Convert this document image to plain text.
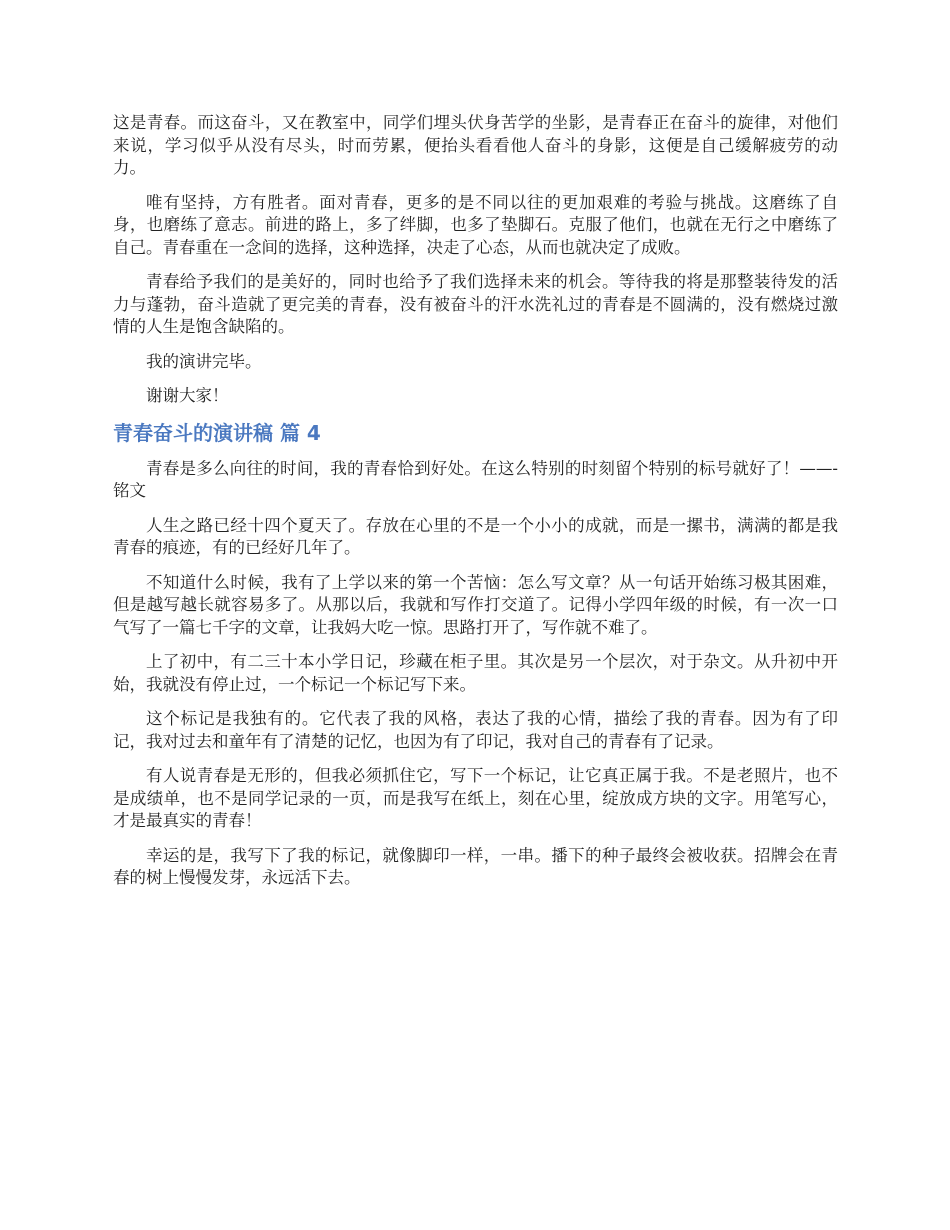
这是青春。而这奋斗，又在教室中，同学们埋头伏身苦学的坐影，是青春正在奋斗的旋律，对他们来说，学习似乎从没有尽头，时而劳累，便抬头看看他人奋斗的身影，这便是自己缓解疲劳的动力。

唯有坚持，方有胜者。面对青春，更多的是不同以往的更加艰难的考验与挑战。这磨练了自身，也磨练了意志。前进的路上，多了绊脚，也多了垫脚石。克服了他们，也就在无行之中磨练了自己。青春重在一念间的选择，这种选择，决走了心态，从而也就决定了成败。

青春给予我们的是美好的，同时也给予了我们选择未来的机会。等待我的将是那整装待发的活力与蓬勃，奋斗造就了更完美的青春，没有被奋斗的汗水洗礼过的青春是不圆满的，没有燃烧过激情的人生是饱含缺陷的。

我的演讲完毕。

谢谢大家！

青春奋斗的演讲稿 篇 4

青春是多么向往的时间，我的青春恰到好处。在这么特别的时刻留个特别的标号就好了！——-铭文

人生之路已经十四个夏天了。存放在心里的不是一个小小的成就，而是一摞书，满满的都是我青春的痕迹，有的已经好几年了。

不知道什么时候，我有了上学以来的第一个苦恼：怎么写文章？从一句话开始练习极其困难，但是越写越长就容易多了。从那以后，我就和写作打交道了。记得小学四年级的时候，有一次一口气写了一篇七千字的文章，让我妈大吃一惊。思路打开了，写作就不难了。

上了初中，有二三十本小学日记，珍藏在柜子里。其次是另一个层次，对于杂文。从升初中开始，我就没有停止过，一个标记一个标记写下来。

这个标记是我独有的。它代表了我的风格，表达了我的心情，描绘了我的青春。因为有了印记，我对过去和童年有了清楚的记忆，也因为有了印记，我对自己的青春有了记录。

有人说青春是无形的，但我必须抓住它，写下一个标记，让它真正属于我。不是老照片，也不是成绩单，也不是同学记录的一页，而是我写在纸上，刻在心里，绽放成方块的文字。用笔写心，才是最真实的青春！

幸运的是，我写下了我的标记，就像脚印一样，一串。播下的种子最终会被收获。招牌会在青春的树上慢慢发芽，永远活下去。
